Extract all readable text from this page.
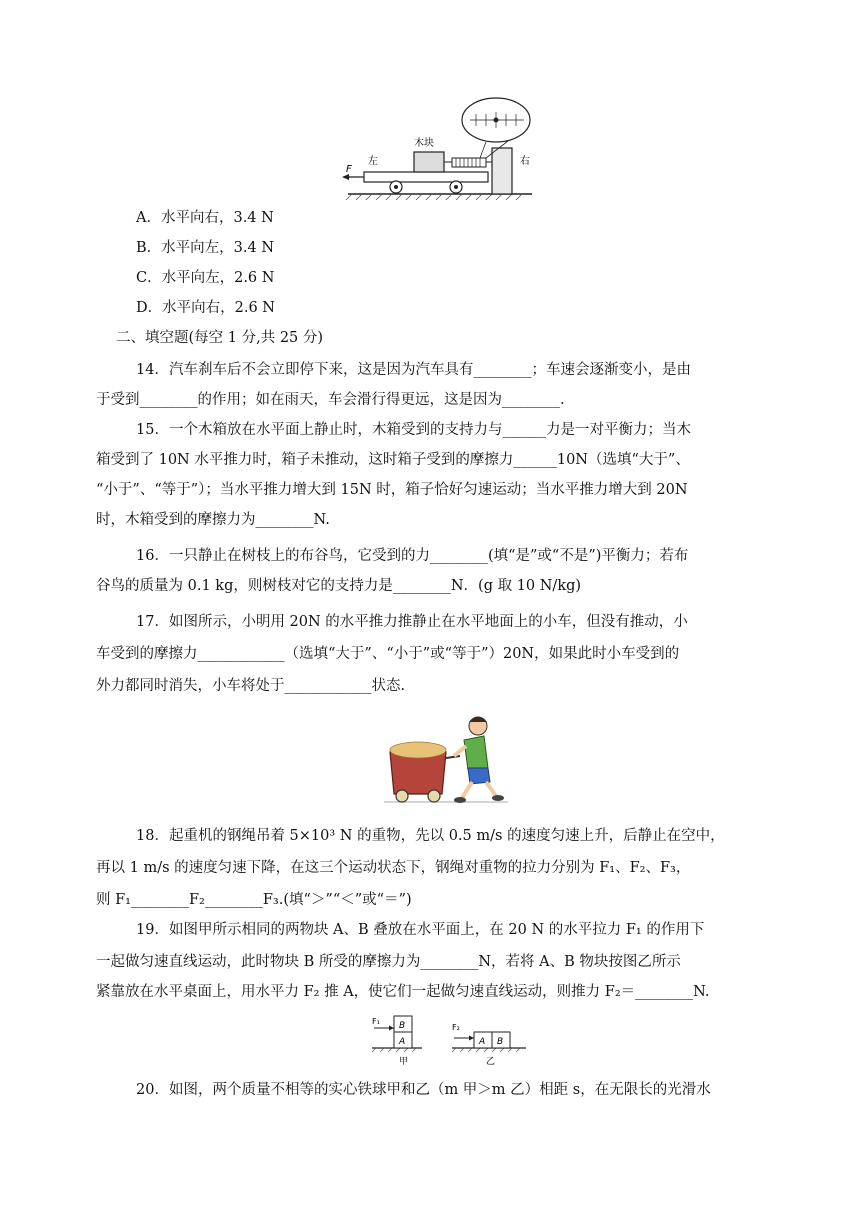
F
左	右
木块
A．水平向右，3.4 N
B．水平向左，3.4 N
C．水平向左，2.6 N
D．水平向右，2.6 N
二、填空题(每空 1 分,共 25 分)
14．汽车刹车后不会立即停下来，这是因为汽车具有________；车速会逐渐变小，是由
于受到________的作用；如在雨天，车会滑行得更远，这是因为________.
15．一个木箱放在水平面上静止时，木箱受到的支持力与______力是一对平衡力；当木
箱受到了 10N 水平推力时，箱子未推动，这时箱子受到的摩擦力______10N（选填“大于”、
“小于”、“等于”）；当水平推力增大到 15N 时，箱子恰好匀速运动；当水平推力增大到 20N
时，木箱受到的摩擦力为________N.
16．一只静止在树枝上的布谷鸟，它受到的力________(填“是”或“不是”)平衡力；若布
谷鸟的质量为 0.1 kg，则树枝对它的支持力是________N．(g 取 10 N/kg)
17．如图所示，小明用 20N 的水平推力推静止在水平地面上的小车，但没有推动，小
车受到的摩擦力____________（选填“大于”、“小于”或“等于”）20N，如果此时小车受到的
外力都同时消失，小车将处于____________状态.
18．起重机的钢绳吊着 5×10³ N 的重物，先以 0.5 m/s 的速度匀速上升，后静止在空中，
再以 1 m/s 的速度匀速下降，在这三个运动状态下，钢绳对重物的拉力分别为 F₁、F₂、F₃，
则 F₁________F₂________F₃.(填“＞”“＜”或“＝”)
19．如图甲所示相同的两物块 A、B 叠放在水平面上，在 20 N 的水平拉力 F₁ 的作用下
一起做匀速直线运动，此时物块 B 所受的摩擦力为________N，若将 A、B 物块按图乙所示
紧靠放在水平桌面上，用水平力 F₂ 推 A，使它们一起做匀速直线运动，则推力 F₂＝________N.
A
B
F₁
甲
A B
F₂
乙
20．如图，两个质量不相等的实心铁球甲和乙（m 甲＞m 乙）相距 s，在无限长的光滑水
